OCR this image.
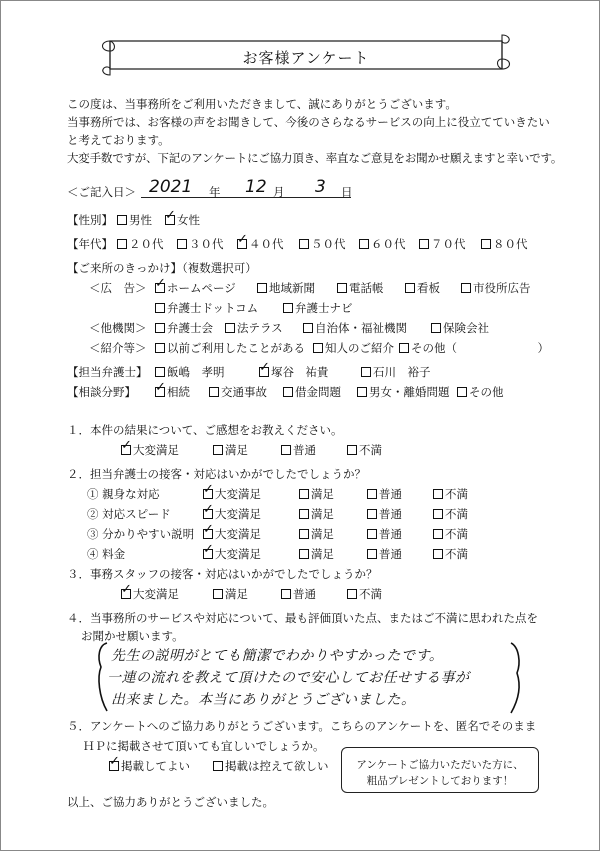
お客様アンケート
この度は、当事務所をご利用いただきまして、誠にありがとうございます。
当事務所では、お客様の声をお聞きして、今後のさらなるサービスの向上に役立てていきたい
と考えております。
大変手数ですが、下記のアンケートにご協力頂き、率直なご意見をお聞かせ願えますと幸いです。
＜ご記入日＞ 2021 年 12 月 3 日
【性別】	男性 ✓	女性
【年代】	２０代	３０代 ✓	４０代	５０代	６０代	７０代	８０代
【ご来所のきっかけ】（複数選択可）
＜広　告＞ ✓	ホームページ	地域新聞	電話帳	看板	市役所広告
弁護士ドットコム	弁護士ナビ
＜他機関＞	弁護士会	法テラス	自治体・福祉機関	保険会社
＜紹介等＞	以前ご利用したことがある	知人のご紹介	その他（　　　　　　　）
【担当弁護士】	飯嶋　孝明 ✓	塚谷　祐貴	石川　裕子
【相談分野】 ✓	相続	交通事故	借金問題	男女・離婚問題	その他
１．本件の結果について、ご感想をお教えください。
✓大変満足	満足	普通	不満
２．担当弁護士の接客・対応はいかがでしたでしょうか？
① 親身な対応 ✓	大変満足	満足	普通	不満
② 対応スピード ✓	大変満足	満足	普通	不満
③ 分かりやすい説明 ✓	大変満足	満足	普通	不満
④ 料金 ✓	大変満足	満足	普通	不満
３．事務スタッフの接客・対応はいかがでしたでしょうか？
✓大変満足	満足	普通	不満
４．当事務所のサービスや対応について、最も評価頂いた点、またはご不満に思われた点を
お聞かせ願います。
先生の説明がとても簡潔でわかりやすかったです。
一連の流れを教えて頂けたので安心してお任せする事が
出来ました。本当にありがとうございました。
５．アンケートへのご協力ありがとうございます。こちらのアンケートを、匿名でそのまま
ＨＰに掲載させて頂いても宜しいでしょうか。
✓掲載してよい	掲載は控えて欲しい	アンケートご協力いただいた方に、
粗品プレゼントしております！
以上、ご協力ありがとうございました。
